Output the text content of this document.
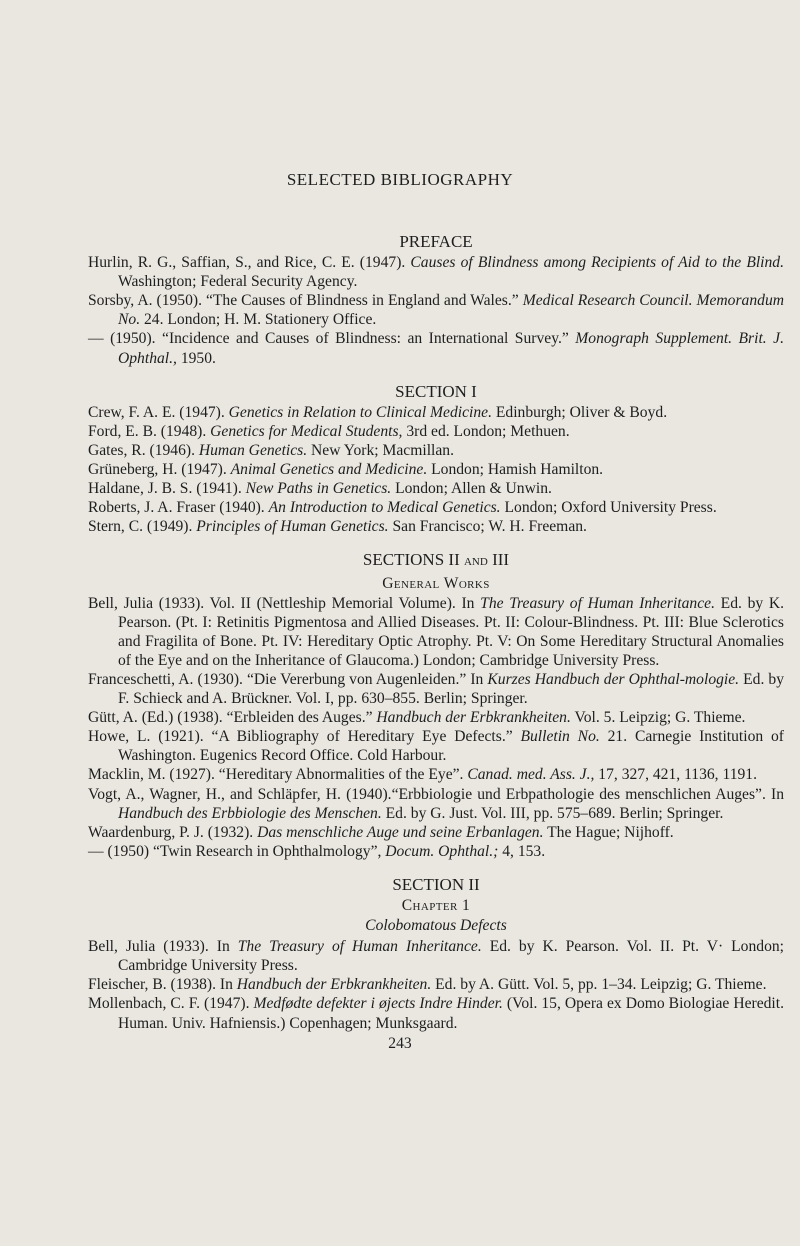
SELECTED BIBLIOGRAPHY
PREFACE

Hurlin, R. G., Saffian, S., and Rice, C. E. (1947). Causes of Blindness among Recipients of Aid to the Blind. Washington; Federal Security Agency.

Sorsby, A. (1950). “The Causes of Blindness in England and Wales.” Medical Research Council. Memorandum No. 24. London; H. M. Stationery Office.

— (1950). “Incidence and Causes of Blindness: an International Survey.” Monograph Supplement. Brit. J. Ophthal., 1950.

SECTION I

Crew, F. A. E. (1947). Genetics in Relation to Clinical Medicine. Edinburgh; Oliver & Boyd.

Ford, E. B. (1948). Genetics for Medical Students, 3rd ed. London; Methuen.

Gates, R. (1946). Human Genetics. New York; Macmillan.

Grüneberg, H. (1947). Animal Genetics and Medicine. London; Hamish Hamilton.

Haldane, J. B. S. (1941). New Paths in Genetics. London; Allen & Unwin.

Roberts, J. A. Fraser (1940). An Introduction to Medical Genetics. London; Oxford University Press.

Stern, C. (1949). Principles of Human Genetics. San Francisco; W. H. Freeman.

SECTIONS II and III
General Works

Bell, Julia (1933). Vol. II (Nettleship Memorial Volume). In The Treasury of Human Inheritance. Ed. by K. Pearson. (Pt. I: Retinitis Pigmentosa and Allied Diseases. Pt. II: Colour-Blindness. Pt. III: Blue Sclerotics and Fragilita of Bone. Pt. IV: Hereditary Optic Atrophy. Pt. V: On Some Hereditary Structural Anomalies of the Eye and on the Inheritance of Glaucoma.) London; Cambridge University Press.

Franceschetti, A. (1930). “Die Vererbung von Augenleiden.” In Kurzes Handbuch der Ophthal-mologie. Ed. by F. Schieck and A. Brückner. Vol. I, pp. 630–855. Berlin; Springer.

Gütt, A. (Ed.) (1938). “Erbleiden des Auges.” Handbuch der Erbkrankheiten. Vol. 5. Leipzig; G. Thieme.

Howe, L. (1921). “A Bibliography of Hereditary Eye Defects.” Bulletin No. 21. Carnegie Institution of Washington. Eugenics Record Office. Cold Harbour.

Macklin, M. (1927). “Hereditary Abnormalities of the Eye”. Canad. med. Ass. J., 17, 327, 421, 1136, 1191.

Vogt, A., Wagner, H., and Schläpfer, H. (1940).“Erbbiologie und Erbpathologie des menschlichen Auges”. In Handbuch des Erbbiologie des Menschen. Ed. by G. Just. Vol. III, pp. 575–689. Berlin; Springer.

Waardenburg, P. J. (1932). Das menschliche Auge und seine Erbanlagen. The Hague; Nijhoff.

— (1950) “Twin Research in Ophthalmology”, Docum. Ophthal.; 4, 153.

SECTION II
Chapter 1
Colobomatous Defects

Bell, Julia (1933). In The Treasury of Human Inheritance. Ed. by K. Pearson. Vol. II. Pt. V· London; Cambridge University Press.

Fleischer, B. (1938). In Handbuch der Erbkrankheiten. Ed. by A. Gütt. Vol. 5, pp. 1–34. Leipzig; G. Thieme.

Mollenbach, C. F. (1947). Medfødte defekter i øjects Indre Hinder. (Vol. 15, Opera ex Domo Biologiae Heredit. Human. Univ. Hafniensis.) Copenhagen; Munksgaard.

243
